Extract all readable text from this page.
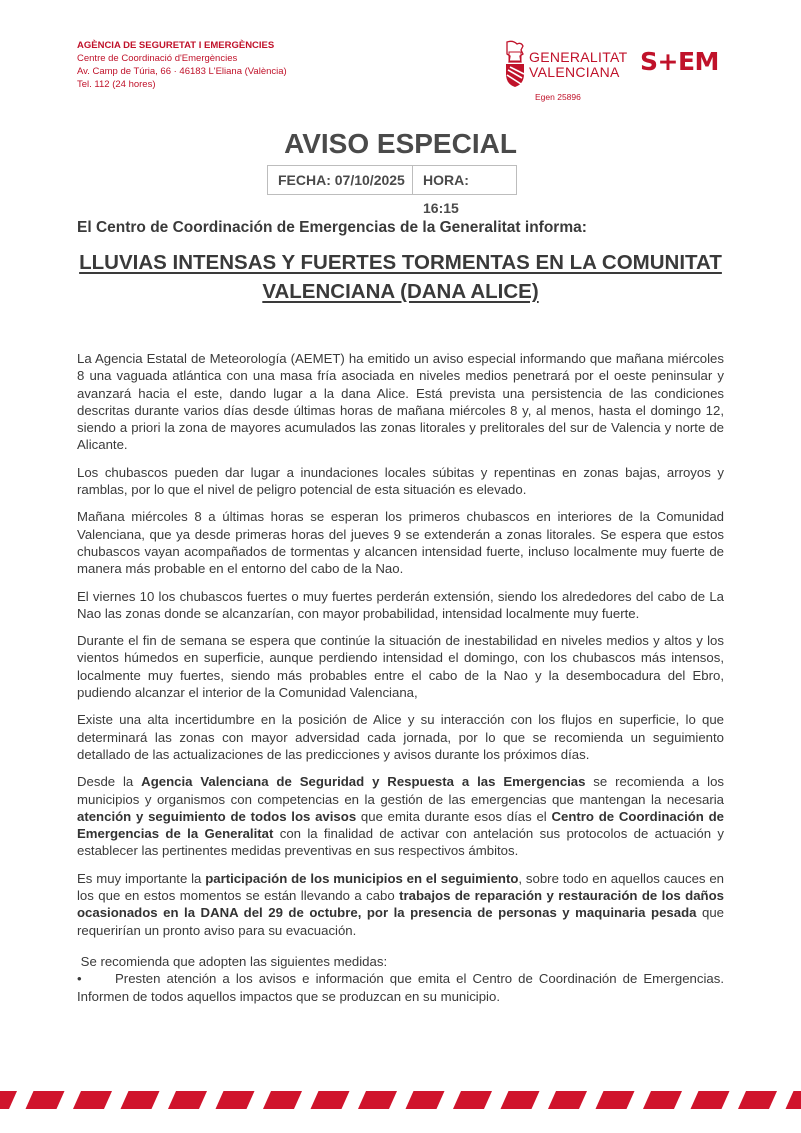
AGÈNCIA DE SEGURETAT I EMERGÈNCIES
Centre de Coordinació d'Emergències
Av. Camp de Túria, 66 · 46183 L'Eliana (València)
Tel. 112 (24 hores)
GENERALITAT
VALENCIANA S+EM
Egen 25896
AVISO ESPECIAL
FECHA: 07/10/2025	HORA: 16:15
El Centro de Coordinación de Emergencias de la Generalitat informa:
LLUVIAS INTENSAS Y FUERTES TORMENTAS EN LA COMUNITAT VALENCIANA (DANA ALICE)

La Agencia Estatal de Meteorología (AEMET) ha emitido un aviso especial informando que mañana miércoles 8 una vaguada atlántica con una masa fría asociada en niveles medios penetrará por el oeste peninsular y avanzará hacia el este, dando lugar a la dana Alice. Está prevista una persistencia de las condiciones descritas durante varios días desde últimas horas de mañana miércoles 8 y, al menos, hasta el domingo 12, siendo a priori la zona de mayores acumulados las zonas litorales y prelitorales del sur de Valencia y norte de Alicante.

Los chubascos pueden dar lugar a inundaciones locales súbitas y repentinas en zonas bajas, arroyos y ramblas, por lo que el nivel de peligro potencial de esta situación es elevado.

Mañana miércoles 8 a últimas horas se esperan los primeros chubascos en interiores de la Comunidad Valenciana, que ya desde primeras horas del jueves 9 se extenderán a zonas litorales. Se espera que estos chubascos vayan acompañados de tormentas y alcancen intensidad fuerte, incluso localmente muy fuerte de manera más probable en el entorno del cabo de la Nao.

El viernes 10 los chubascos fuertes o muy fuertes perderán extensión, siendo los alrededores del cabo de La Nao las zonas donde se alcanzarían, con mayor probabilidad, intensidad localmente muy fuerte.

Durante el fin de semana se espera que continúe la situación de inestabilidad en niveles medios y altos y los vientos húmedos en superficie, aunque perdiendo intensidad el domingo, con los chubascos más intensos, localmente muy fuertes, siendo más probables entre el cabo de la Nao y la desembocadura del Ebro, pudiendo alcanzar el interior de la Comunidad Valenciana,

Existe una alta incertidumbre en la posición de Alice y su interacción con los flujos en superficie, lo que determinará las zonas con mayor adversidad cada jornada, por lo que se recomienda un seguimiento detallado de las actualizaciones de las predicciones y avisos durante los próximos días.

Desde la Agencia Valenciana de Seguridad y Respuesta a las Emergencias se recomienda a los municipios y organismos con competencias en la gestión de las emergencias que mantengan la necesaria atención y seguimiento de todos los avisos que emita durante esos días el Centro de Coordinación de Emergencias de la Generalitat con la finalidad de activar con antelación sus protocolos de actuación y establecer las pertinentes medidas preventivas en sus respectivos ámbitos.

Es muy importante la participación de los municipios en el seguimiento, sobre todo en aquellos cauces en los que en estos momentos se están llevando a cabo trabajos de reparación y restauración de los daños ocasionados en la DANA del 29 de octubre, por la presencia de personas y maquinaria pesada que requerirían un pronto aviso para su evacuación.

Se recomienda que adopten las siguientes medidas:

•	Presten atención a los avisos e información que emita el Centro de Coordinación de Emergencias. Informen de todos aquellos impactos que se produzcan en su municipio.
